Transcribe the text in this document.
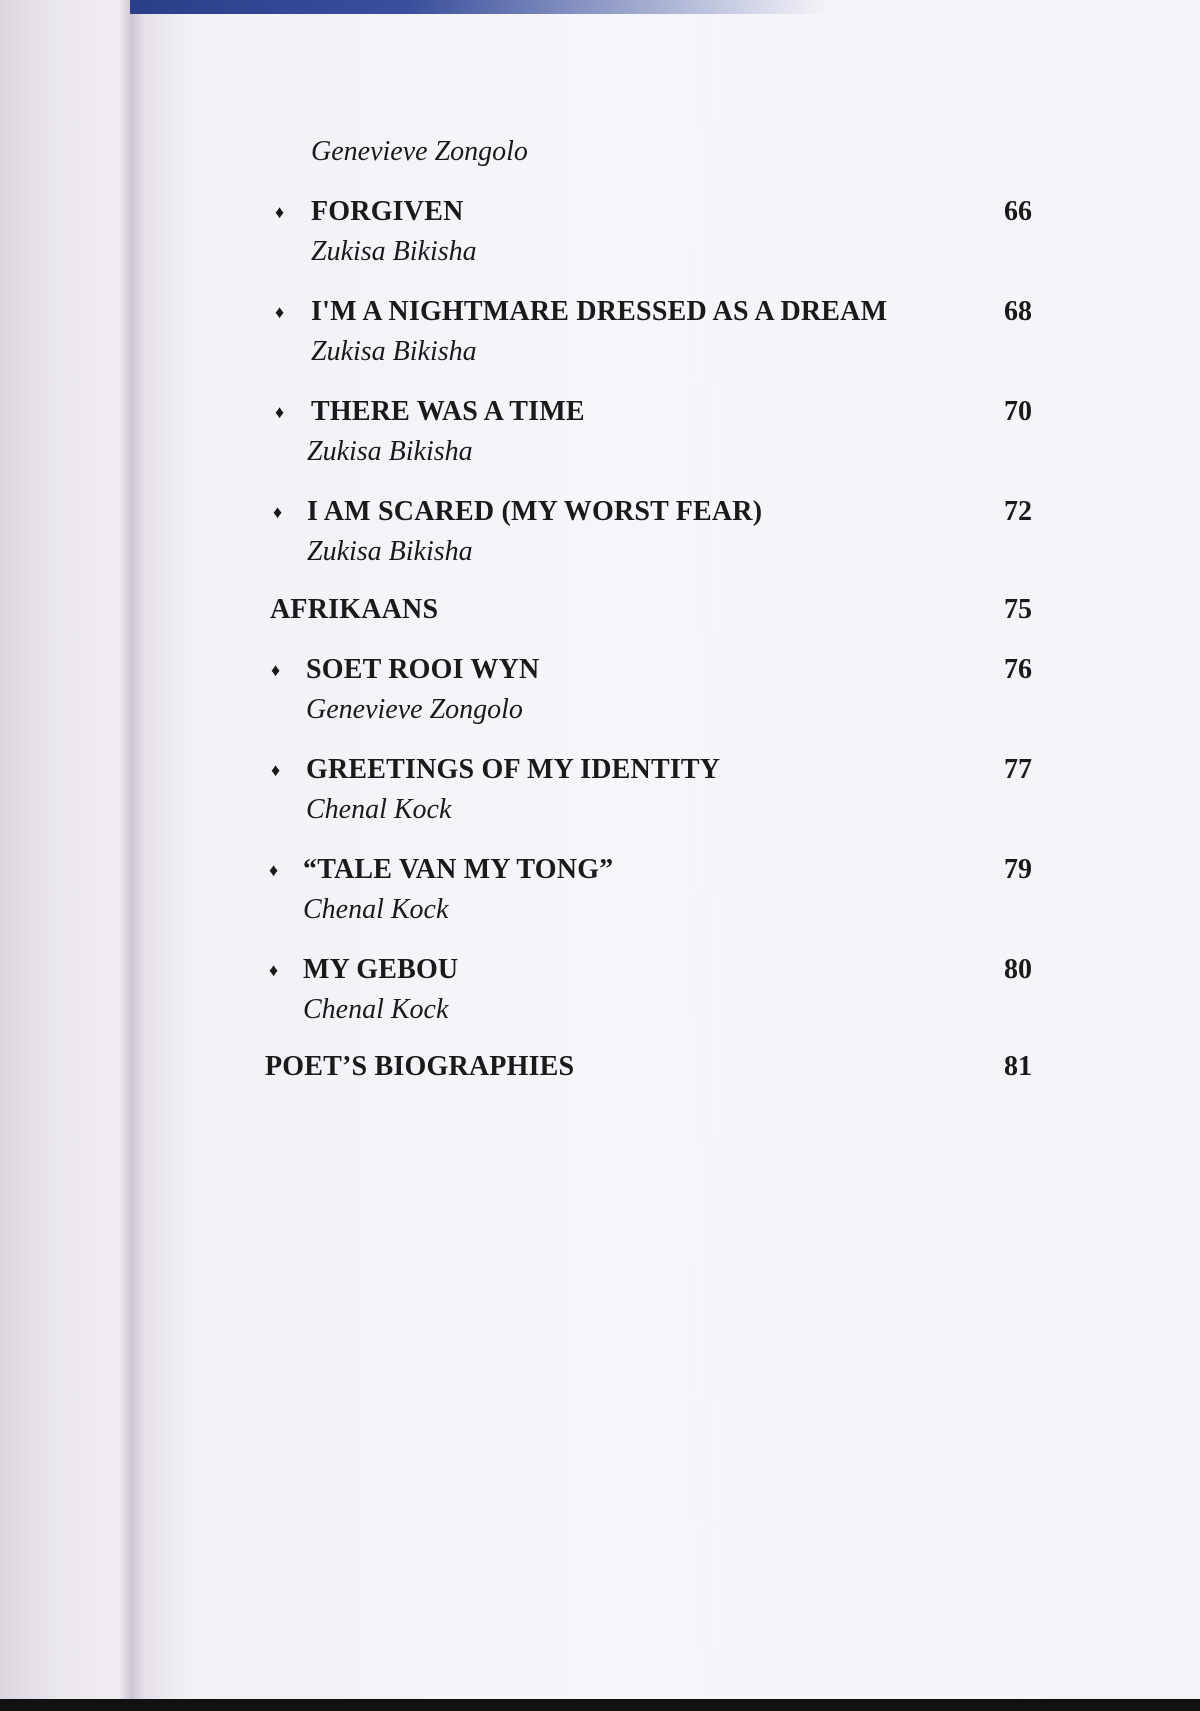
Genevieve Zongolo
♦ FORGIVEN	66
Zukisa Bikisha
♦ I'M A NIGHTMARE DRESSED AS A DREAM	68
Zukisa Bikisha
♦ THERE WAS A TIME	70
Zukisa Bikisha
♦ I AM SCARED (MY WORST FEAR)	72
Zukisa Bikisha
AFRIKAANS	75
♦ SOET ROOI WYN	76
Genevieve Zongolo
♦ GREETINGS OF MY IDENTITY	77
Chenal Kock
♦ “TALE VAN MY TONG”	79
Chenal Kock
♦ MY GEBOU	80
Chenal Kock
POET’S BIOGRAPHIES	81
